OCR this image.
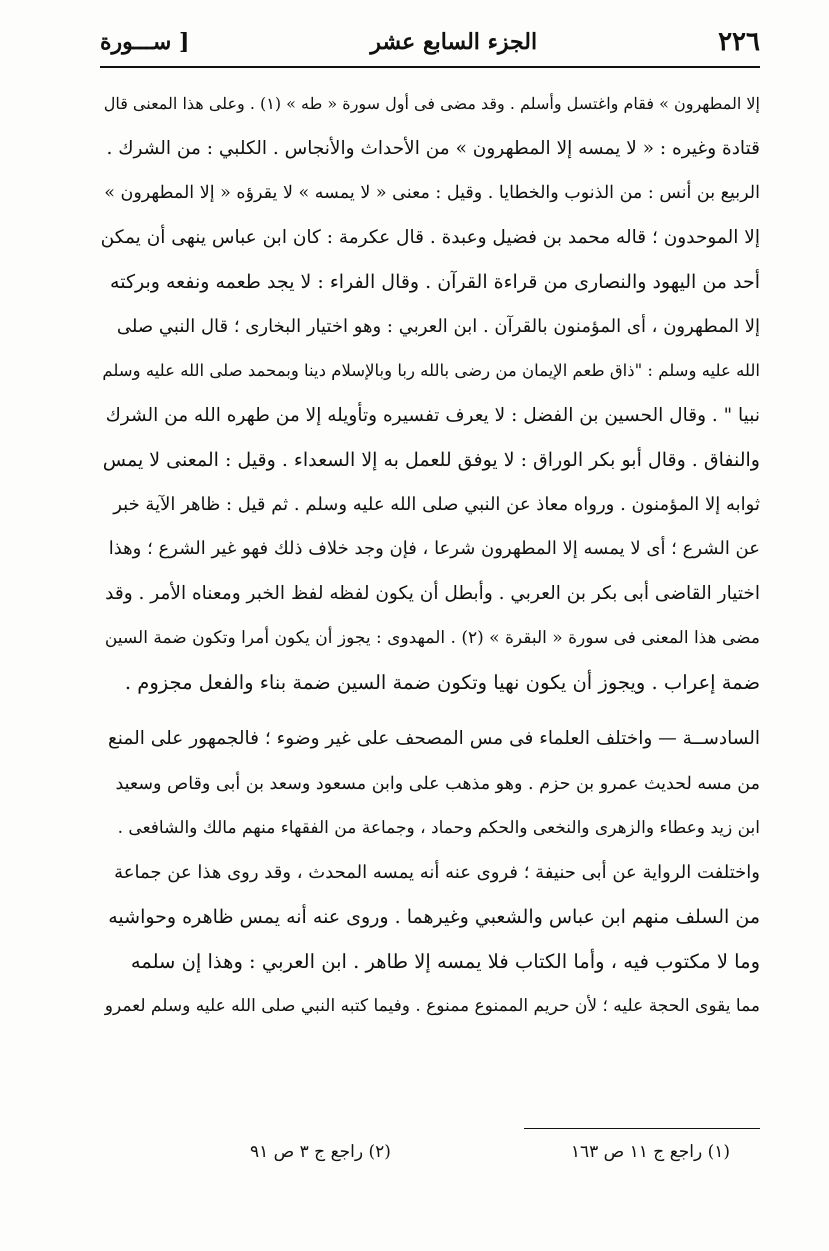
٢٢٦
الجزء السابع عشر
[ ســـورة
إلا المطهرون » فقام واغتسل وأسلم . وقد مضى فى أول سورة « طه » (١) . وعلى هذا المعنى قال
قتادة وغيره : « لا يمسه إلا المطهرون » من الأحداث والأنجاس . الكلبي : من الشرك .
الربيع بن أنس : من الذنوب والخطايا . وقيل : معنى « لا يمسه » لا يقرؤه « إلا المطهرون »
إلا الموحدون ؛ قاله محمد بن فضيل وعبدة . قال عكرمة : كان ابن عباس ينهى أن يمكن
أحد من اليهود والنصارى من قراءة القرآن . وقال الفراء : لا يجد طعمه ونفعه وبركته
إلا المطهرون ، أى المؤمنون بالقرآن . ابن العربي : وهو اختيار البخارى ؛ قال النبي صلى
الله عليه وسلم : "ذاق طعم الإيمان من رضى بالله ربا وبالإسلام دينا وبمحمد صلى الله عليه وسلم
نبيا " . وقال الحسين بن الفضل : لا يعرف تفسيره وتأويله إلا من طهره الله من الشرك
والنفاق . وقال أبو بكر الوراق : لا يوفق للعمل به إلا السعداء . وقيل : المعنى لا يمس
ثوابه إلا المؤمنون . ورواه معاذ عن النبي صلى الله عليه وسلم . ثم قيل : ظاهر الآية خبر
عن الشرع ؛ أى لا يمسه إلا المطهرون شرعا ، فإن وجد خلاف ذلك فهو غير الشرع ؛ وهذا
اختيار القاضى أبى بكر بن العربي . وأبطل أن يكون لفظه لفظ الخبر ومعناه الأمر . وقد
مضى هذا المعنى فى سورة « البقرة » (٢) . المهدوى : يجوز أن يكون أمرا وتكون ضمة السين
ضمة إعراب . ويجوز أن يكون نهيا وتكون ضمة السين ضمة بناء والفعل مجزوم .
السادســة — واختلف العلماء فى مس المصحف على غير وضوء ؛ فالجمهور على المنع
من مسه لحديث عمرو بن حزم . وهو مذهب على وابن مسعود وسعد بن أبى وقاص وسعيد
ابن زيد وعطاء والزهرى والنخعى والحكم وحماد ، وجماعة من الفقهاء منهم مالك والشافعى .
واختلفت الرواية عن أبى حنيفة ؛ فروى عنه أنه يمسه المحدث ، وقد روى هذا عن جماعة
من السلف منهم ابن عباس والشعبي وغيرهما . وروى عنه أنه يمس ظاهره وحواشيه
وما لا مكتوب فيه ، وأما الكتاب فلا يمسه إلا طاهر . ابن العربي : وهذا إن سلمه
مما يقوى الحجة عليه ؛ لأن حريم الممنوع ممنوع . وفيما كتبه النبي صلى الله عليه وسلم لعمرو
(١) راجع ج ١١ ص ١٦٣
(٢) راجع ج ٣ ص ٩١
